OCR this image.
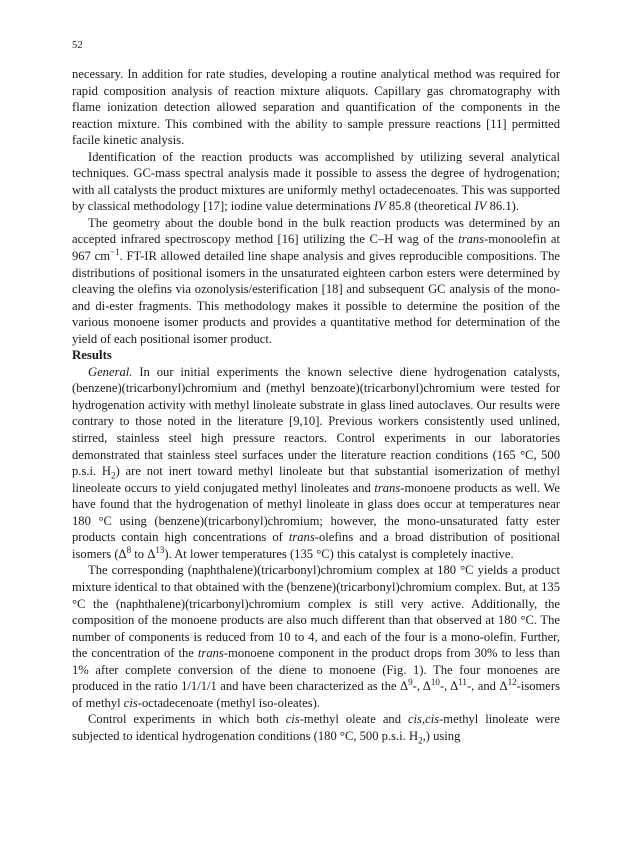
52

necessary. In addition for rate studies, developing a routine analytical method was required for rapid composition analysis of reaction mixture aliquots. Capillary gas chromatography with flame ionization detection allowed separation and quantification of the components in the reaction mixture. This combined with the ability to sample pressure reactions [11] permitted facile kinetic analysis.

Identification of the reaction products was accomplished by utilizing several analytical techniques. GC-mass spectral analysis made it possible to assess the degree of hydrogenation; with all catalysts the product mixtures are uniformly methyl octadecenoates. This was supported by classical methodology [17]; iodine value determinations IV 85.8 (theoretical IV 86.1).

The geometry about the double bond in the bulk reaction products was determined by an accepted infrared spectroscopy method [16] utilizing the C–H wag of the trans-monoolefin at 967 $cm^{-1}$. FT-IR allowed detailed line shape analysis and gives reproducible compositions. The distributions of positional isomers in the unsaturated eighteen carbon esters were determined by cleaving the olefins via ozonolysis/esterification [18] and subsequent GC analysis of the mono- and di-ester fragments. This methodology makes it possible to determine the position of the various monoene isomer products and provides a quantitative method for determination of the yield of each positional isomer product.

Results

General. In our initial experiments the known selective diene hydrogenation catalysts, (benzene)(tricarbonyl)chromium and (methyl benzoate)(tricarbonyl)chromium were tested for hydrogenation activity with methyl linoleate substrate in glass lined autoclaves. Our results were contrary to those noted in the literature [9,10]. Previous workers consistently used unlined, stirred, stainless steel high pressure reactors. Control experiments in our laboratories demonstrated that stainless steel surfaces under the literature reaction conditions (165 °C, 500 p.s.i. $H_2$) are not inert toward methyl linoleate but that substantial isomerization of methyl lineoleate occurs to yield conjugated methyl linoleates and trans-monoene products as well. We have found that the hydrogenation of methyl linoleate in glass does occur at temperatures near 180 °C using (benzene)(tricarbonyl)chromium; however, the mono-unsaturated fatty ester products contain high concentrations of trans-olefins and a broad distribution of positional isomers ($\Delta^8$ to $\Delta^{13}$). At lower temperatures (135 °C) this catalyst is completely inactive.

The corresponding (naphthalene)(tricarbonyl)chromium complex at 180 °C yields a product mixture identical to that obtained with the (benzene)(tricarbonyl)chromium complex. But, at 135 °C the (naphthalene)(tricarbonyl)chromium complex is still very active. Additionally, the composition of the monoene products are also much different than that observed at 180 °C. The number of components is reduced from 10 to 4, and each of the four is a mono-olefin. Further, the concentration of the trans-monoene component in the product drops from 30% to less than 1% after complete conversion of the diene to monoene (Fig. 1). The four monoenes are produced in the ratio 1/1/1/1 and have been characterized as the $\Delta^9-$, $\Delta^{10}-$, $\Delta^{11}-$, and $\Delta^{12}$-isomers of methyl cis-octadecenoate (methyl iso-oleates).

Control experiments in which both cis-methyl oleate and cis,cis-methyl linoleate were subjected to identical hydrogenation conditions (180 °C, 500 p.s.i. $H_2$,) using
